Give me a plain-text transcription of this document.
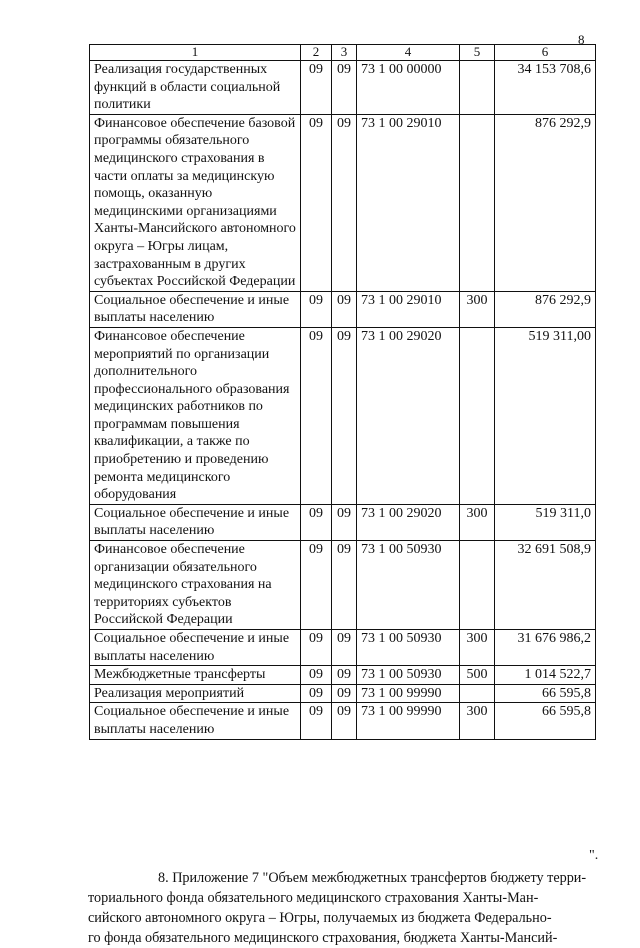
8
1	2	3	4	5	6
Реализация государственных функций в области социальной политики	09	09	73 1 00 00000		34 153 708,6
Финансовое обеспечение базовой программы обязательного медицинского страхования в части оплаты за медицинскую помощь, оказанную медицинскими организациями Ханты-Мансийского автономного округа – Югры лицам, застрахованным в других субъектах Российской Федерации	09	09	73 1 00 29010		876 292,9
Социальное обеспечение и иные выплаты населению	09	09	73 1 00 29010	300	876 292,9
Финансовое обеспечение мероприятий по организации дополнительного профессионального образования медицинских работников по программам повышения квалификации, а также по приобретению и проведению ремонта медицинского оборудования	09	09	73 1 00 29020		519 311,00
Социальное обеспечение и иные выплаты населению	09	09	73 1 00 29020	300	519 311,0
Финансовое обеспечение организации обязательного медицинского страхования на территориях субъектов Российской Федерации	09	09	73 1 00 50930		32 691 508,9
Социальное обеспечение и иные выплаты населению	09	09	73 1 00 50930	300	31 676 986,2
Межбюджетные трансферты	09	09	73 1 00 50930	500	1 014 522,7
Реализация мероприятий	09	09	73 1 00 99990		66 595,8
Социальное обеспечение и иные выплаты населению	09	09	73 1 00 99990	300	66 595,8
".
8. Приложение 7 "Объем межбюджетных трансфертов бюджету терри-
ториального фонда обязательного медицинского страхования Ханты-Ман-
сийского автономного округа – Югры, получаемых из бюджета Федерально-
го фонда обязательного медицинского страхования, бюджета Ханты-Мансий-
